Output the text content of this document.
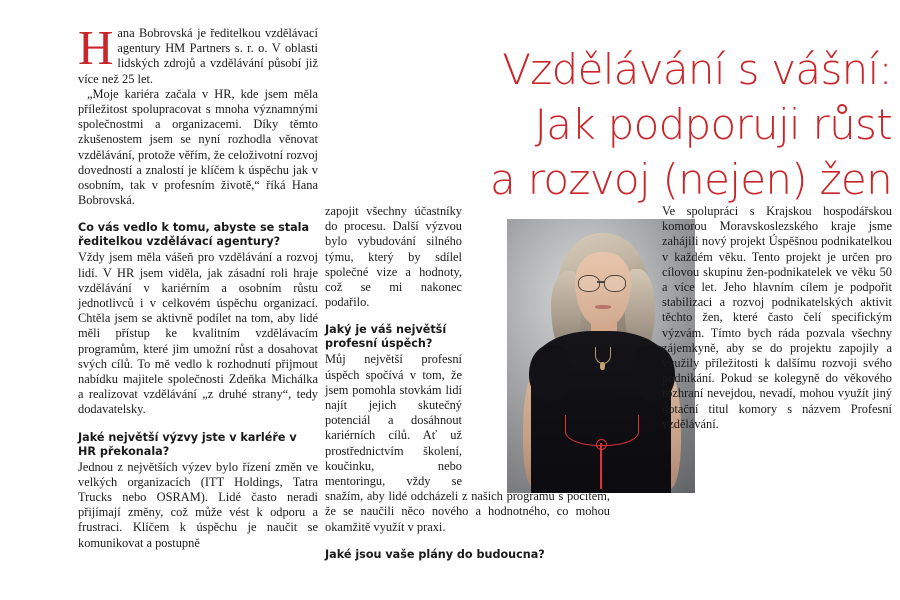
Vzdělávání s vášní:
Jak podporuji růst
a rozvoj (nejen) žen

Hana Bobrovská je ředitelkou vzdělávací agentury HM Partners s. r. o. V oblasti lidských zdrojů a vzdělávání působí již více než 25 let.

„Moje kariéra začala v HR, kde jsem měla příležitost spolupracovat s mnoha významnými společnostmi a organizacemi. Díky těmto zkušenostem jsem se nyní rozhodla věnovat vzdělávání, protože věřím, že celoživotní rozvoj dovedností a znalostí je klíčem k úspěchu jak v osobním, tak v profesním životě,“ říká Hana Bobrovská.

Co vás vedlo k tomu, abyste se stala ředitelkou vzdělávací agentury?

Vždy jsem měla vášeň pro vzdělávání a rozvoj lidí. V HR jsem viděla, jak zásadní roli hraje vzdělávání v kariérním a osobním růstu jednotlivců i v celkovém úspěchu organizací. Chtěla jsem se aktivně podílet na tom, aby lidé měli přístup ke kvalitním vzdělávacím programům, které jim umožní růst a dosahovat svých cílů. To mě vedlo k rozhodnutí přijmout nabídku majitele společnosti Zdeňka Michálka a realizovat vzdělávání „z druhé strany“, tedy dodavatelsky.

Jaké největší výzvy jste v karléře v HR překonala?

Jednou z největších výzev bylo řízení změn ve velkých organizacích (ITT Holdings, Tatra Trucks nebo OSRAM). Lidé často neradi přijímají změny, což může vést k odporu a frustraci. Klíčem k úspěchu je naučit se komunikovat a postupně

zapojit všechny účastníky do procesu. Další výzvou bylo vybudování silného týmu, který by sdílel společné vize a hodnoty, což se mi nakonec podařilo.

Jaký je váš největší profesní úspěch?

Můj největší profesní úspěch spočívá v tom, že jsem pomohla stovkám lidí najít jejich skutečný potenciál a dosáhnout kariérních cílů. Ať už prostřednictvím školení, koučinku, nebo mentoringu, vždy se snažím, aby lidé odcházeli z našich programů s pocitem, že se naučili něco nového a hodnotného, co mohou okamžitě využít v praxi.

Jaké jsou vaše plány do budoucna?

Ve spolupráci s Krajskou hospodářskou komorou Moravskoslezského kraje jsme zahájili nový projekt Úspěšnou podnikatelkou v každém věku. Tento projekt je určen pro cílovou skupinu žen-podnikatelek ve věku 50 a více let. Jeho hlavním cílem je podpořit stabilizaci a rozvoj podnikatelských aktivit těchto žen, které často čelí specifickým výzvám. Tímto bych ráda pozvala všechny zájemkyně, aby se do projektu zapojily a využily příležitosti k dalšímu rozvoji svého podnikání. Pokud se kolegyně do věkového rozhraní nevejdou, nevadí, mohou využít jiný dotační titul komory s názvem Profesní vzdělávání.
